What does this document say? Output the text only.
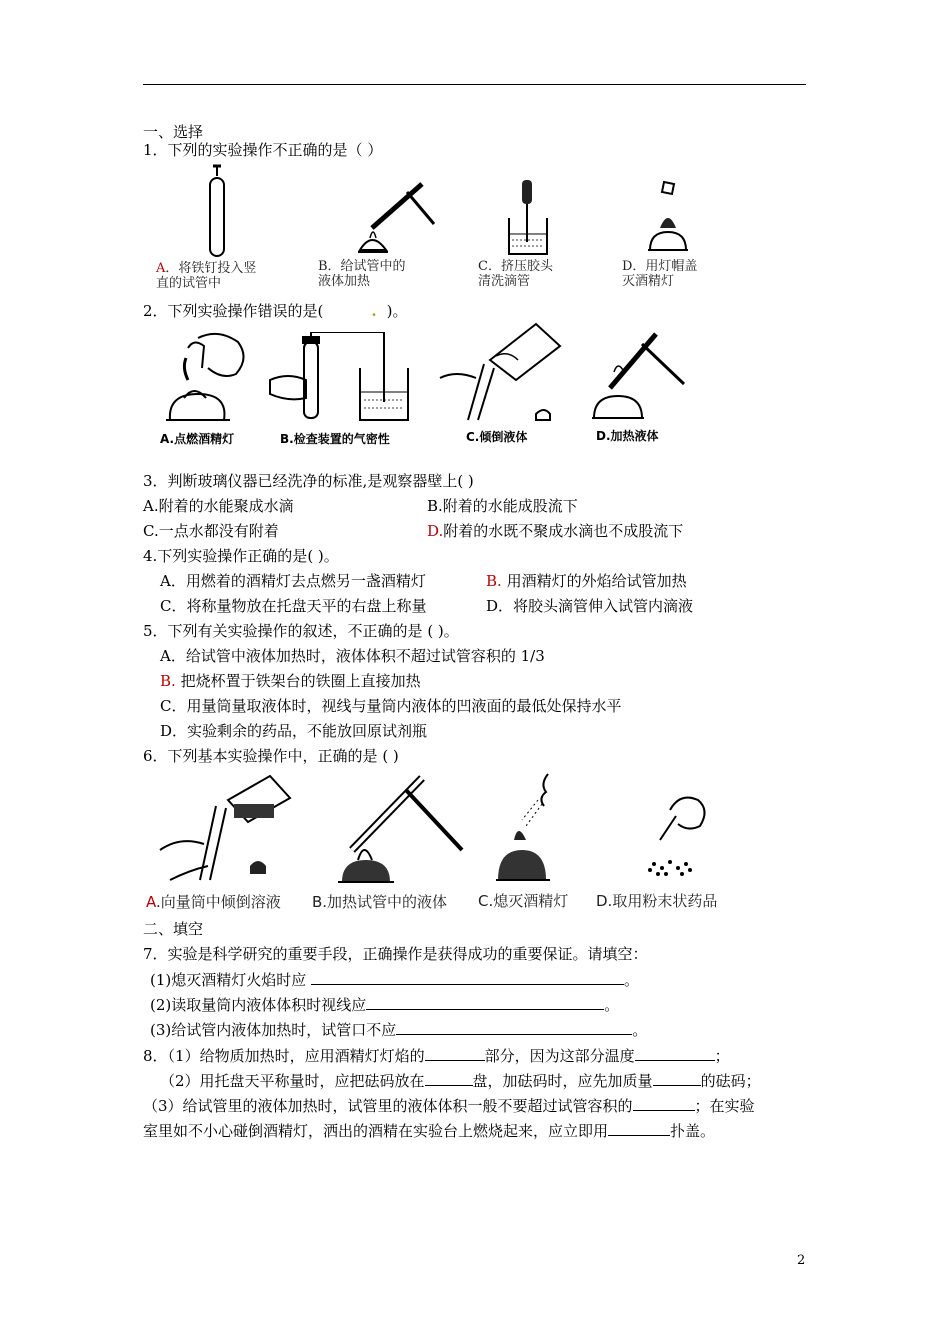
一、选择
1．下列的实验操作不正确的是（ ）
A．将铁钉投入竖
直的试管中
B．给试管中的
液体加热
C．挤压胶头
清洗滴管
D．用灯帽盖
灭酒精灯
2．下列实验操作错误的是(	. )。
A.点燃酒精灯	B.检查装置的气密性	C.倾倒液体	D.加热液体
3．判断玻璃仪器已经洗净的标准,是观察器壁上( )
A.附着的水能聚成水滴	B.附着的水能成股流下
C.一点水都没有附着	D.附着的水既不聚成水滴也不成股流下
4.下列实验操作正确的是( )。
A．用燃着的酒精灯去点燃另一盏酒精灯	B. 用酒精灯的外焰给试管加热
C．将称量物放在托盘天平的右盘上称量	D．将胶头滴管伸入试管内滴液
5．下列有关实验操作的叙述，不正确的是 ( )。
A．给试管中液体加热时，液体体积不超过试管容积的 1/3
B. 把烧杯置于铁架台的铁圈上直接加热
C．用量筒量取液体时，视线与量筒内液体的凹液面的最低处保持水平
D．实验剩余的药品，不能放回原试剂瓶
6．下列基本实验操作中，正确的是 ( )
A.向量筒中倾倒溶液 B.加热试管中的液体 C.熄灭酒精灯 D.取用粉末状药品
二、填空
7．实验是科学研究的重要手段，正确操作是获得成功的重要保证。请填空：
(1)熄灭酒精灯火焰时应	。
(2)读取量筒内液体体积时视线应	。
(3)给试管内液体加热时，试管口不应	。
8．（1）给物质加热时，应用酒精灯灯焰的	部分，因为这部分温度	；
（2）用托盘天平称量时，应把砝码放在	盘，加砝码时，应先加质量	的砝码；
（3）给试管里的液体加热时，试管里的液体体积一般不要超过试管容积的	；在实验
室里如不小心碰倒酒精灯，洒出的酒精在实验台上燃烧起来，应立即用	扑盖。
2
